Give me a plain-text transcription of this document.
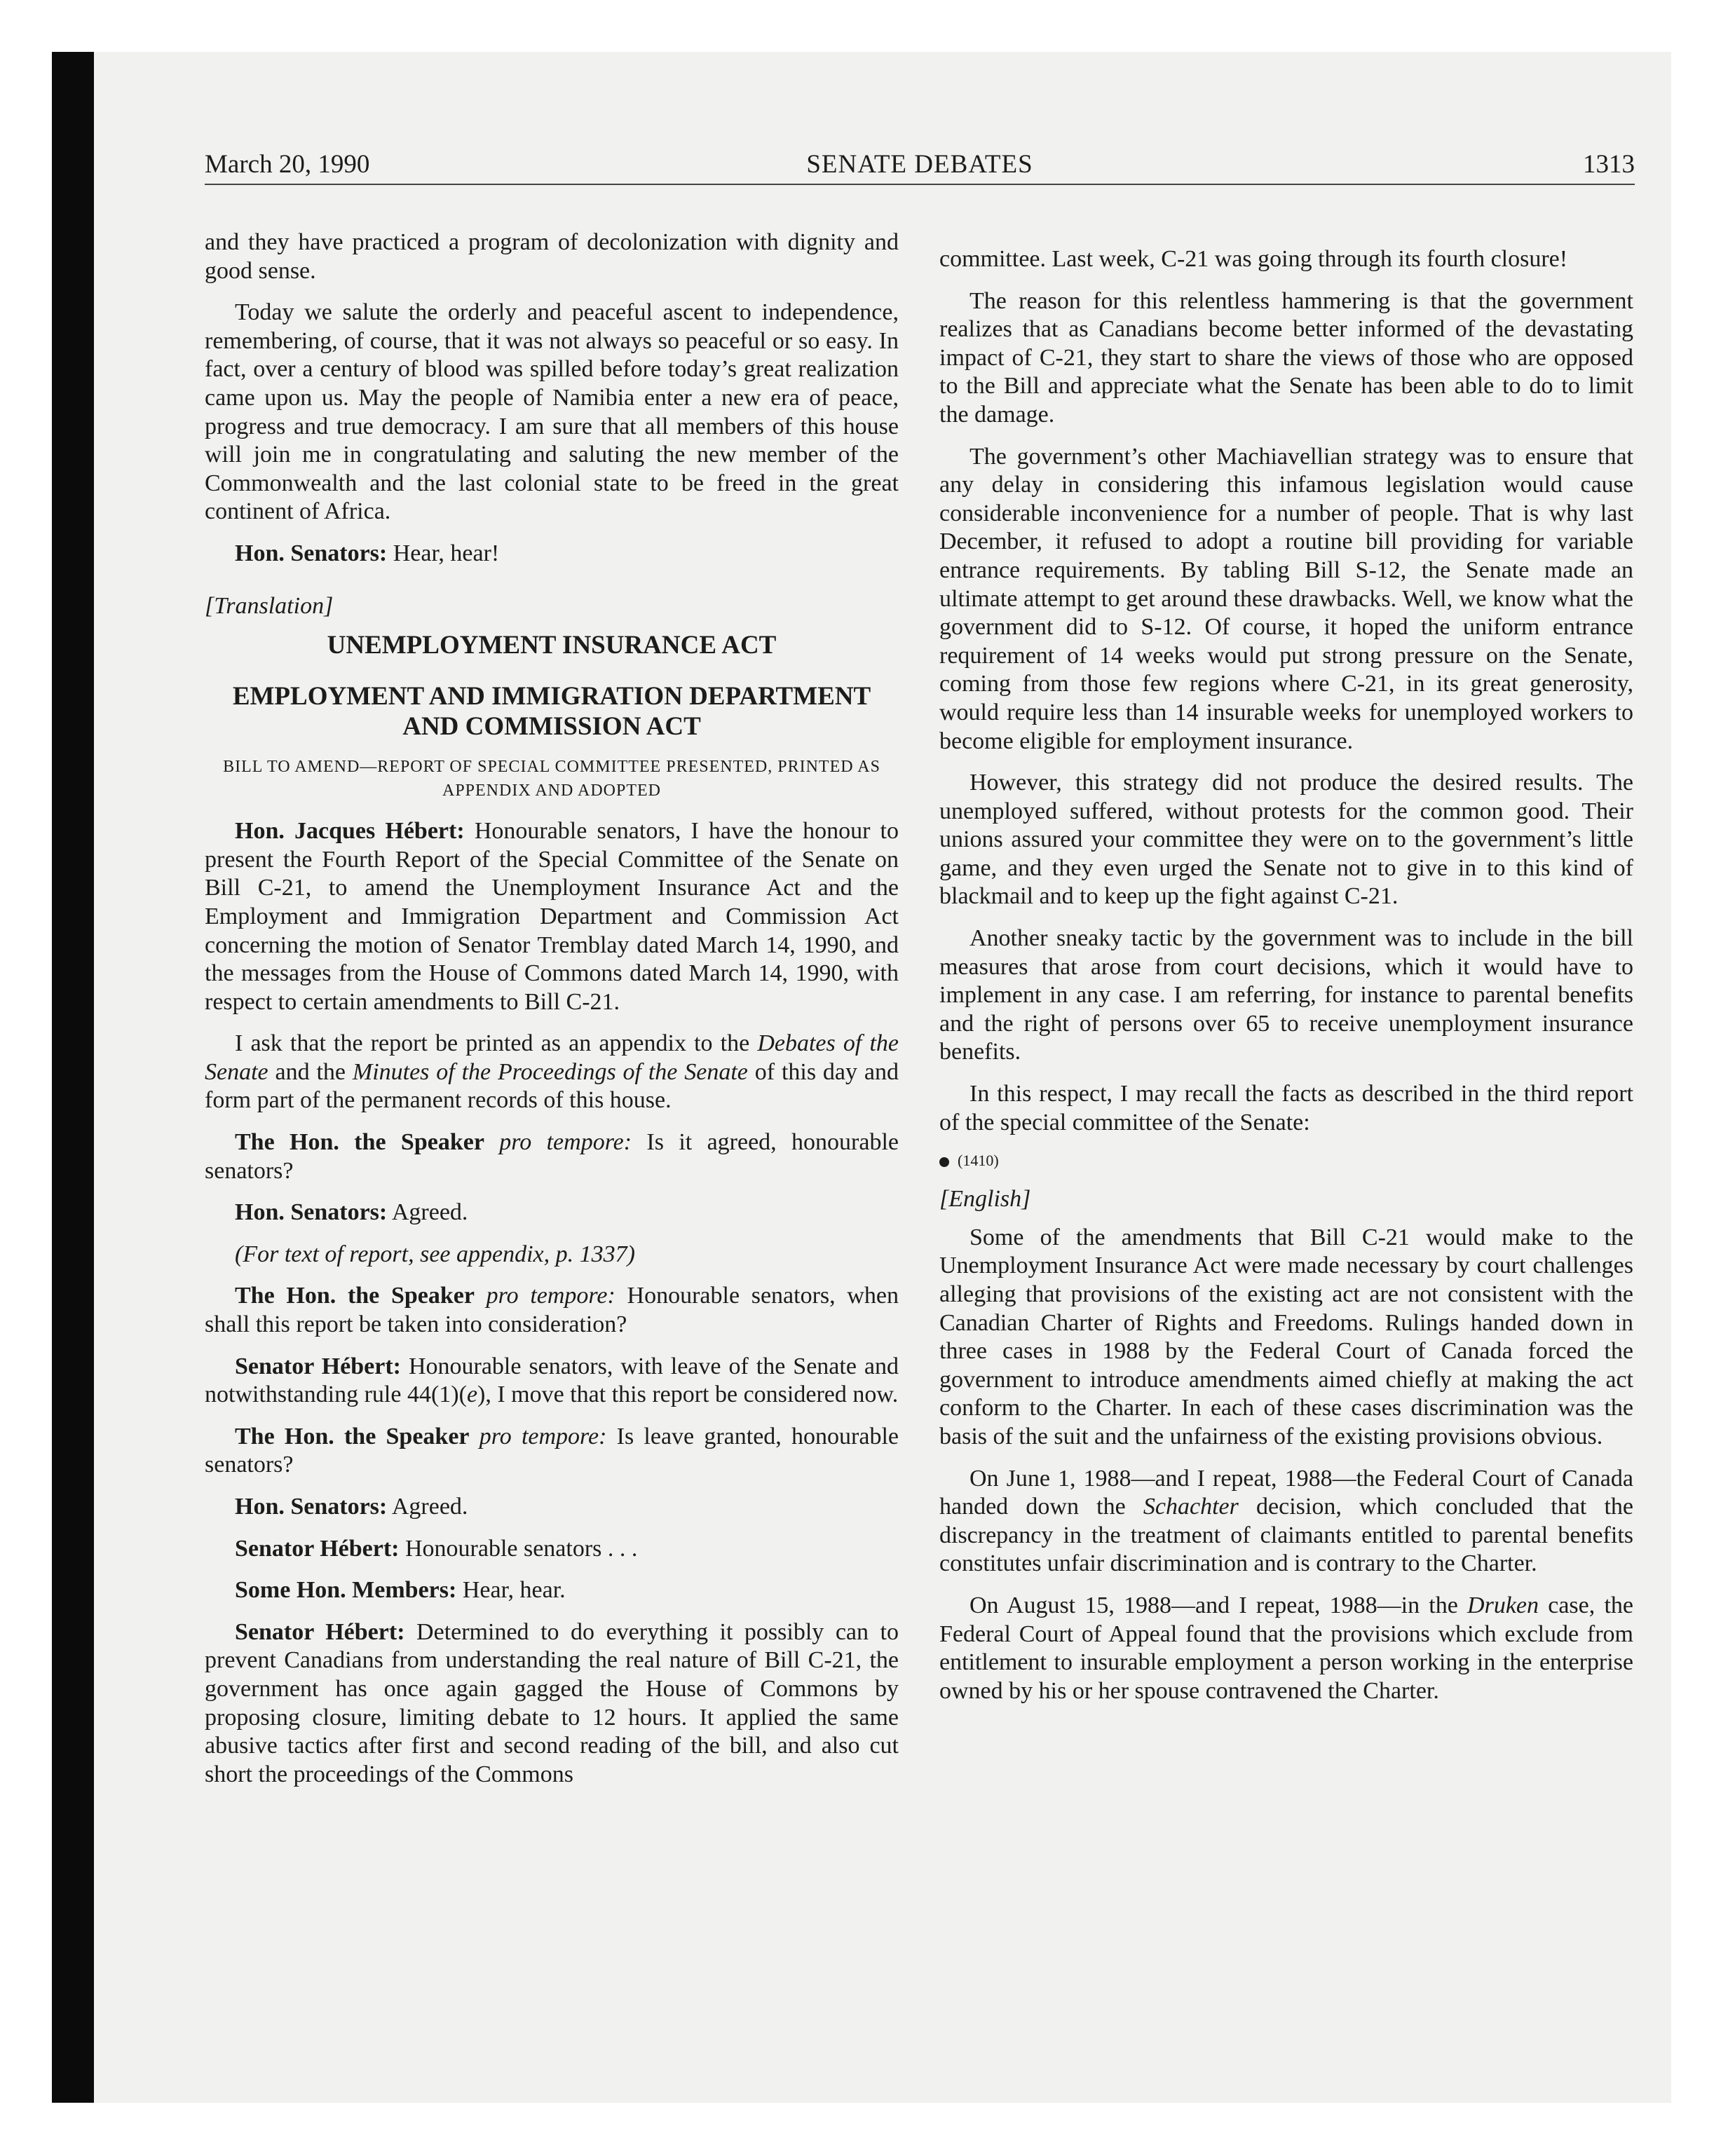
March 20, 1990	SENATE DEBATES	1313

and they have practiced a program of decolonization with dignity and good sense.

Today we salute the orderly and peaceful ascent to independence, remembering, of course, that it was not always so peaceful or so easy. In fact, over a century of blood was spilled before today’s great realization came upon us. May the people of Namibia enter a new era of peace, progress and true democracy. I am sure that all members of this house will join me in congratulating and saluting the new member of the Commonwealth and the last colonial state to be freed in the great continent of Africa.

Hon. Senators: Hear, hear!

[Translation]
UNEMPLOYMENT INSURANCE ACT
EMPLOYMENT AND IMMIGRATION DEPARTMENT AND COMMISSION ACT
BILL TO AMEND—REPORT OF SPECIAL COMMITTEE PRESENTED, PRINTED AS APPENDIX AND ADOPTED

Hon. Jacques Hébert: Honourable senators, I have the honour to present the Fourth Report of the Special Committee of the Senate on Bill C-21, to amend the Unemployment Insurance Act and the Employment and Immigration Department and Commission Act concerning the motion of Senator Tremblay dated March 14, 1990, and the messages from the House of Commons dated March 14, 1990, with respect to certain amendments to Bill C-21.

I ask that the report be printed as an appendix to the Debates of the Senate and the Minutes of the Proceedings of the Senate of this day and form part of the permanent records of this house.

The Hon. the Speaker pro tempore: Is it agreed, honourable senators?

Hon. Senators: Agreed.

(For text of report, see appendix, p. 1337)

The Hon. the Speaker pro tempore: Honourable senators, when shall this report be taken into consideration?

Senator Hébert: Honourable senators, with leave of the Senate and notwithstanding rule 44(1)(e), I move that this report be considered now.

The Hon. the Speaker pro tempore: Is leave granted, honourable senators?

Hon. Senators: Agreed.

Senator Hébert: Honourable senators . . .

Some Hon. Members: Hear, hear.

Senator Hébert: Determined to do everything it possibly can to prevent Canadians from understanding the real nature of Bill C-21, the government has once again gagged the House of Commons by proposing closure, limiting debate to 12 hours. It applied the same abusive tactics after first and second reading of the bill, and also cut short the proceedings of the Commons

committee. Last week, C-21 was going through its fourth closure!

The reason for this relentless hammering is that the government realizes that as Canadians become better informed of the devastating impact of C-21, they start to share the views of those who are opposed to the Bill and appreciate what the Senate has been able to do to limit the damage.

The government’s other Machiavellian strategy was to ensure that any delay in considering this infamous legislation would cause considerable inconvenience for a number of people. That is why last December, it refused to adopt a routine bill providing for variable entrance requirements. By tabling Bill S-12, the Senate made an ultimate attempt to get around these drawbacks. Well, we know what the government did to S-12. Of course, it hoped the uniform entrance requirement of 14 weeks would put strong pressure on the Senate, coming from those few regions where C-21, in its great generosity, would require less than 14 insurable weeks for unemployed workers to become eligible for employment insurance.

However, this strategy did not produce the desired results. The unemployed suffered, without protests for the common good. Their unions assured your committee they were on to the government’s little game, and they even urged the Senate not to give in to this kind of blackmail and to keep up the fight against C-21.

Another sneaky tactic by the government was to include in the bill measures that arose from court decisions, which it would have to implement in any case. I am referring, for instance to parental benefits and the right of persons over 65 to receive unemployment insurance benefits.

In this respect, I may recall the facts as described in the third report of the special committee of the Senate:

(1410)
[English]

Some of the amendments that Bill C-21 would make to the Unemployment Insurance Act were made necessary by court challenges alleging that provisions of the existing act are not consistent with the Canadian Charter of Rights and Freedoms. Rulings handed down in three cases in 1988 by the Federal Court of Canada forced the government to introduce amendments aimed chiefly at making the act conform to the Charter. In each of these cases discrimination was the basis of the suit and the unfairness of the existing provisions obvious.

On June 1, 1988—and I repeat, 1988—the Federal Court of Canada handed down the Schachter decision, which concluded that the discrepancy in the treatment of claimants entitled to parental benefits constitutes unfair discrimination and is contrary to the Charter.

On August 15, 1988—and I repeat, 1988—in the Druken case, the Federal Court of Appeal found that the provisions which exclude from entitlement to insurable employment a person working in the enterprise owned by his or her spouse contravened the Charter.
